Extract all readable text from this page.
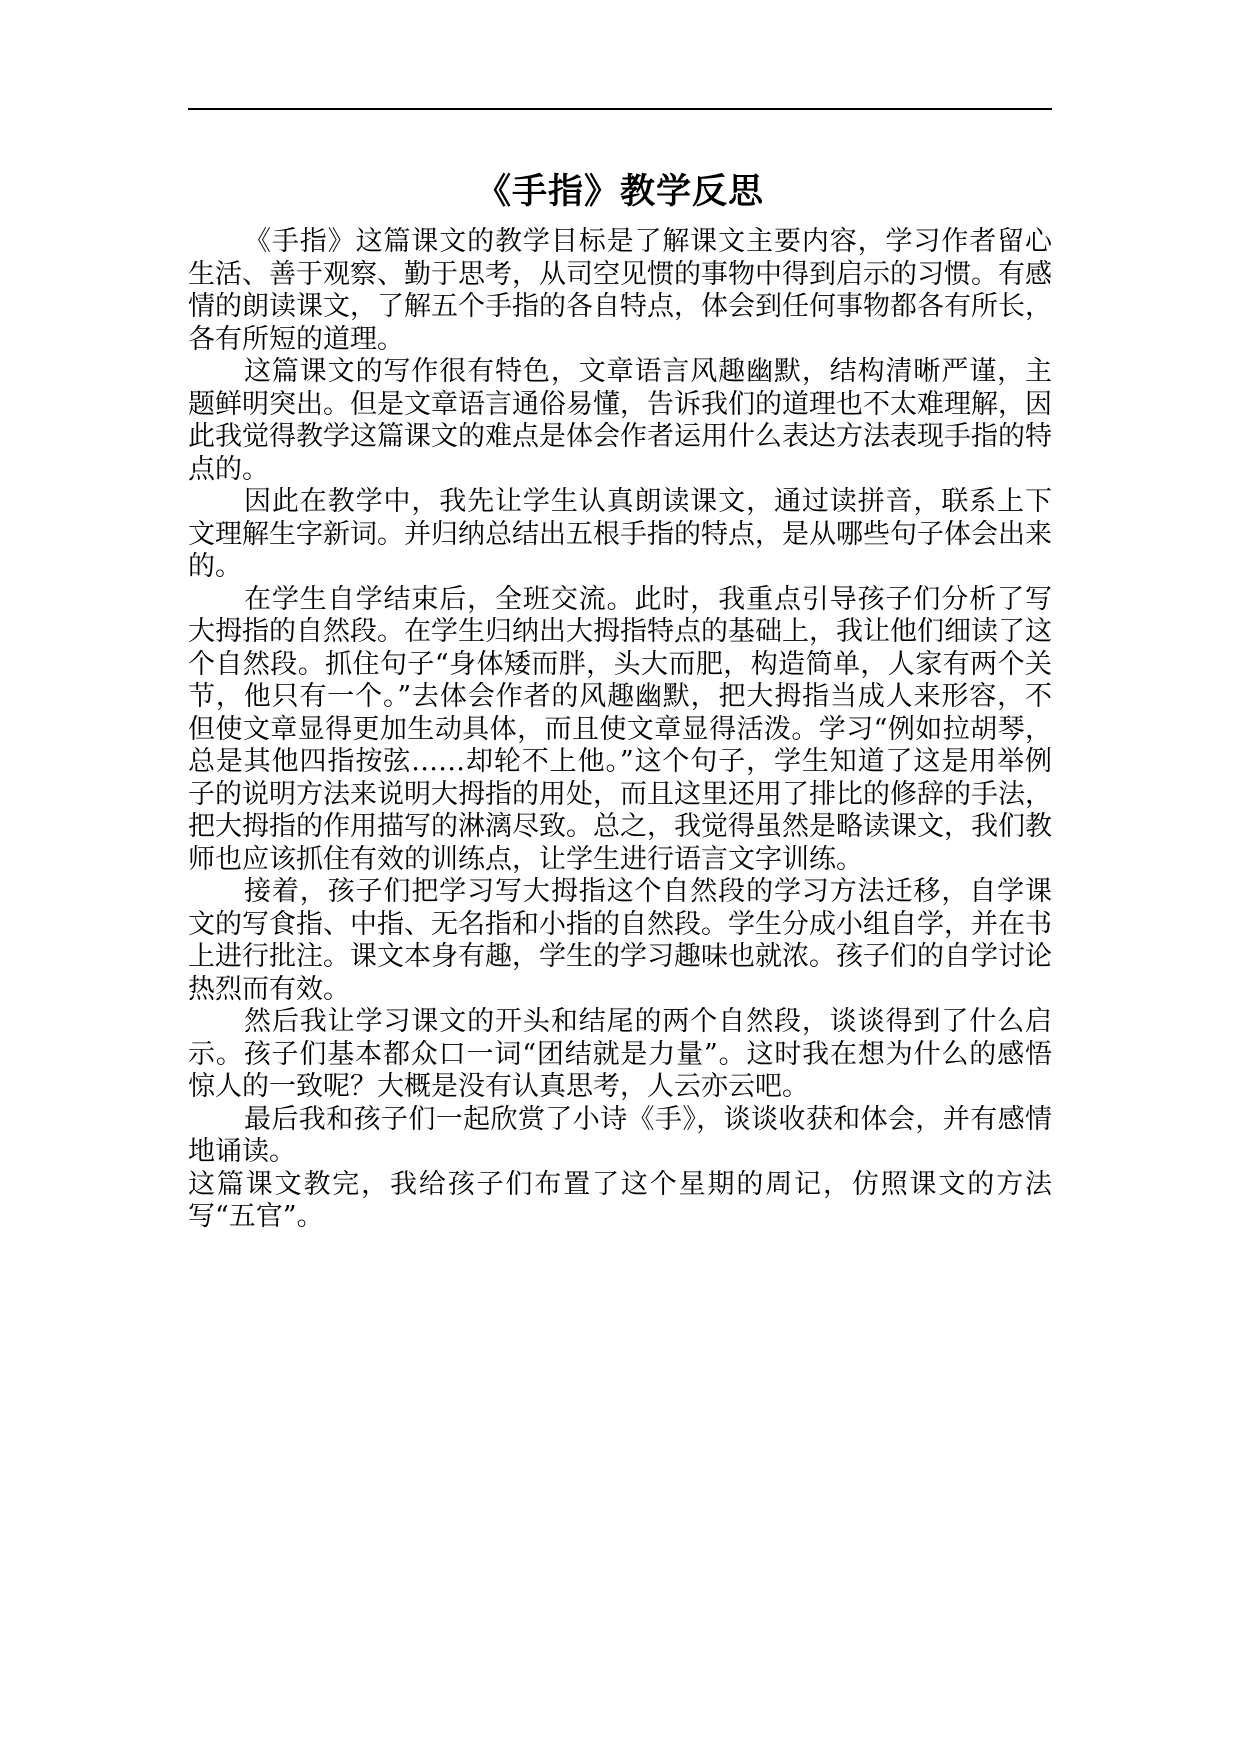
《手指》教学反思

《手指》这篇课文的教学目标是了解课文主要内容，学习作者留心生活、善于观察、勤于思考，从司空见惯的事物中得到启示的习惯。有感情的朗读课文，了解五个手指的各自特点，体会到任何事物都各有所长，各有所短的道理。

这篇课文的写作很有特色，文章语言风趣幽默，结构清晰严谨，主题鲜明突出。但是文章语言通俗易懂，告诉我们的道理也不太难理解，因此我觉得教学这篇课文的难点是体会作者运用什么表达方法表现手指的特点的。

因此在教学中，我先让学生认真朗读课文，通过读拼音，联系上下文理解生字新词。并归纳总结出五根手指的特点，是从哪些句子体会出来的。

在学生自学结束后，全班交流。此时，我重点引导孩子们分析了写大拇指的自然段。在学生归纳出大拇指特点的基础上，我让他们细读了这个自然段。抓住句子“身体矮而胖，头大而肥，构造简单，人家有两个关节，他只有一个。”去体会作者的风趣幽默，把大拇指当成人来形容，不但使文章显得更加生动具体，而且使文章显得活泼。学习“例如拉胡琴，总是其他四指按弦……却轮不上他。”这个句子，学生知道了这是用举例子的说明方法来说明大拇指的用处，而且这里还用了排比的修辞的手法，把大拇指的作用描写的淋漓尽致。总之，我觉得虽然是略读课文，我们教师也应该抓住有效的训练点，让学生进行语言文字训练。

接着，孩子们把学习写大拇指这个自然段的学习方法迁移，自学课文的写食指、中指、无名指和小指的自然段。学生分成小组自学，并在书上进行批注。课文本身有趣，学生的学习趣味也就浓。孩子们的自学讨论热烈而有效。

然后我让学习课文的开头和结尾的两个自然段，谈谈得到了什么启示。孩子们基本都众口一词“团结就是力量”。这时我在想为什么的感悟惊人的一致呢？大概是没有认真思考，人云亦云吧。

最后我和孩子们一起欣赏了小诗《手》，谈谈收获和体会，并有感情地诵读。

这篇课文教完，我给孩子们布置了这个星期的周记，仿照课文的方法写“五官”。
